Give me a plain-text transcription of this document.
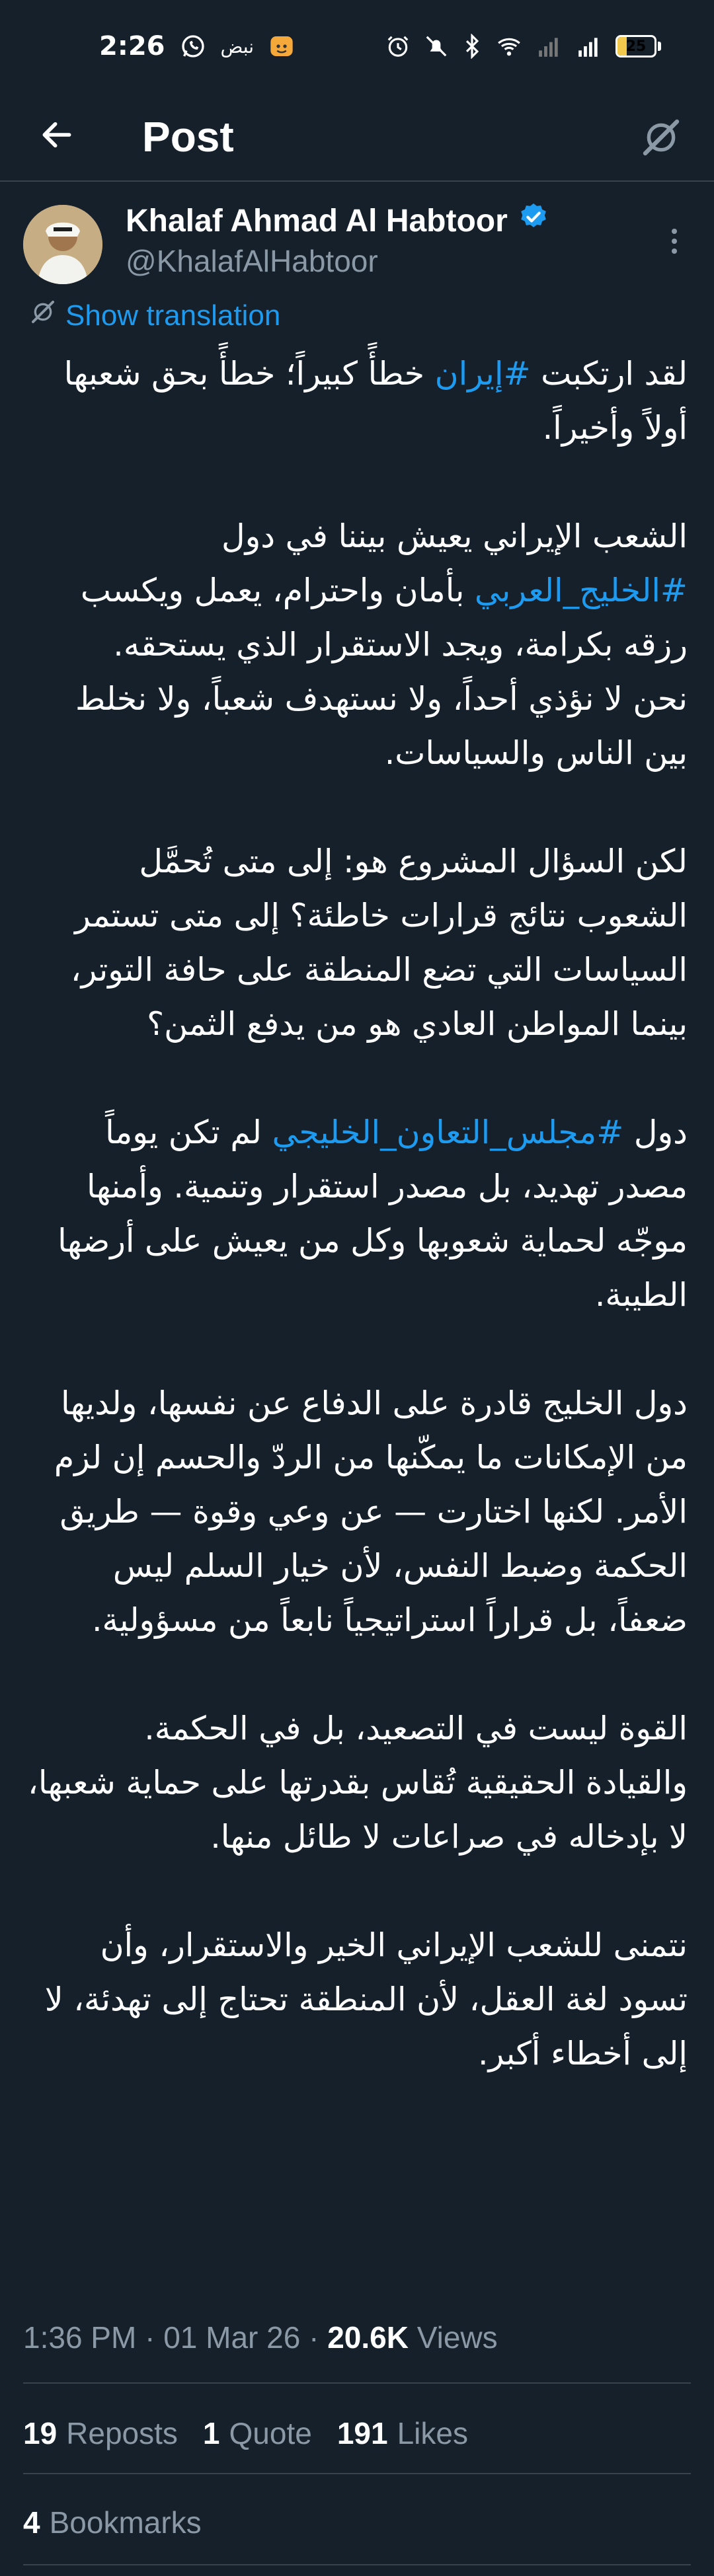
2:26	نبض	25
Post
Khalaf Ahmad Al Habtoor
@KhalafAlHabtoor
Show translation

لقد ارتكبت #إيران خطأً كبيراً؛ خطأً بحق شعبها أولاً وأخيراً.

الشعب الإيراني يعيش بيننا في دول #الخليج_العربي بأمان واحترام، يعمل ويكسب رزقه بكرامة، ويجد الاستقرار الذي يستحقه.
نحن لا نؤذي أحداً، ولا نستهدف شعباً، ولا نخلط بين الناس والسياسات.

لكن السؤال المشروع هو: إلى متى تُحمَّل الشعوب نتائج قرارات خاطئة؟ إلى متى تستمر السياسات التي تضع المنطقة على حافة التوتر، بينما المواطن العادي هو من يدفع الثمن؟

دول #مجلس_التعاون_الخليجي لم تكن يوماً مصدر تهديد، بل مصدر استقرار وتنمية. وأمنها موجّه لحماية شعوبها وكل من يعيش على أرضها الطيبة.

دول الخليج قادرة على الدفاع عن نفسها، ولديها من الإمكانات ما يمكّنها من الردّ والحسم إن لزم الأمر. لكنها اختارت — عن وعي وقوة — طريق الحكمة وضبط النفس، لأن خيار السلم ليس ضعفاً، بل قراراً استراتيجياً نابعاً من مسؤولية.

القوة ليست في التصعيد، بل في الحكمة.
والقيادة الحقيقية تُقاس بقدرتها على حماية شعبها، لا بإدخاله في صراعات لا طائل منها.

نتمنى للشعب الإيراني الخير والاستقرار، وأن تسود لغة العقل، لأن المنطقة تحتاج إلى تهدئة، لا إلى أخطاء أكبر.

1:36 PM · 01 Mar 26 · 20.6K Views
19 Reposts 1 Quote 191 Likes
4 Bookmarks
